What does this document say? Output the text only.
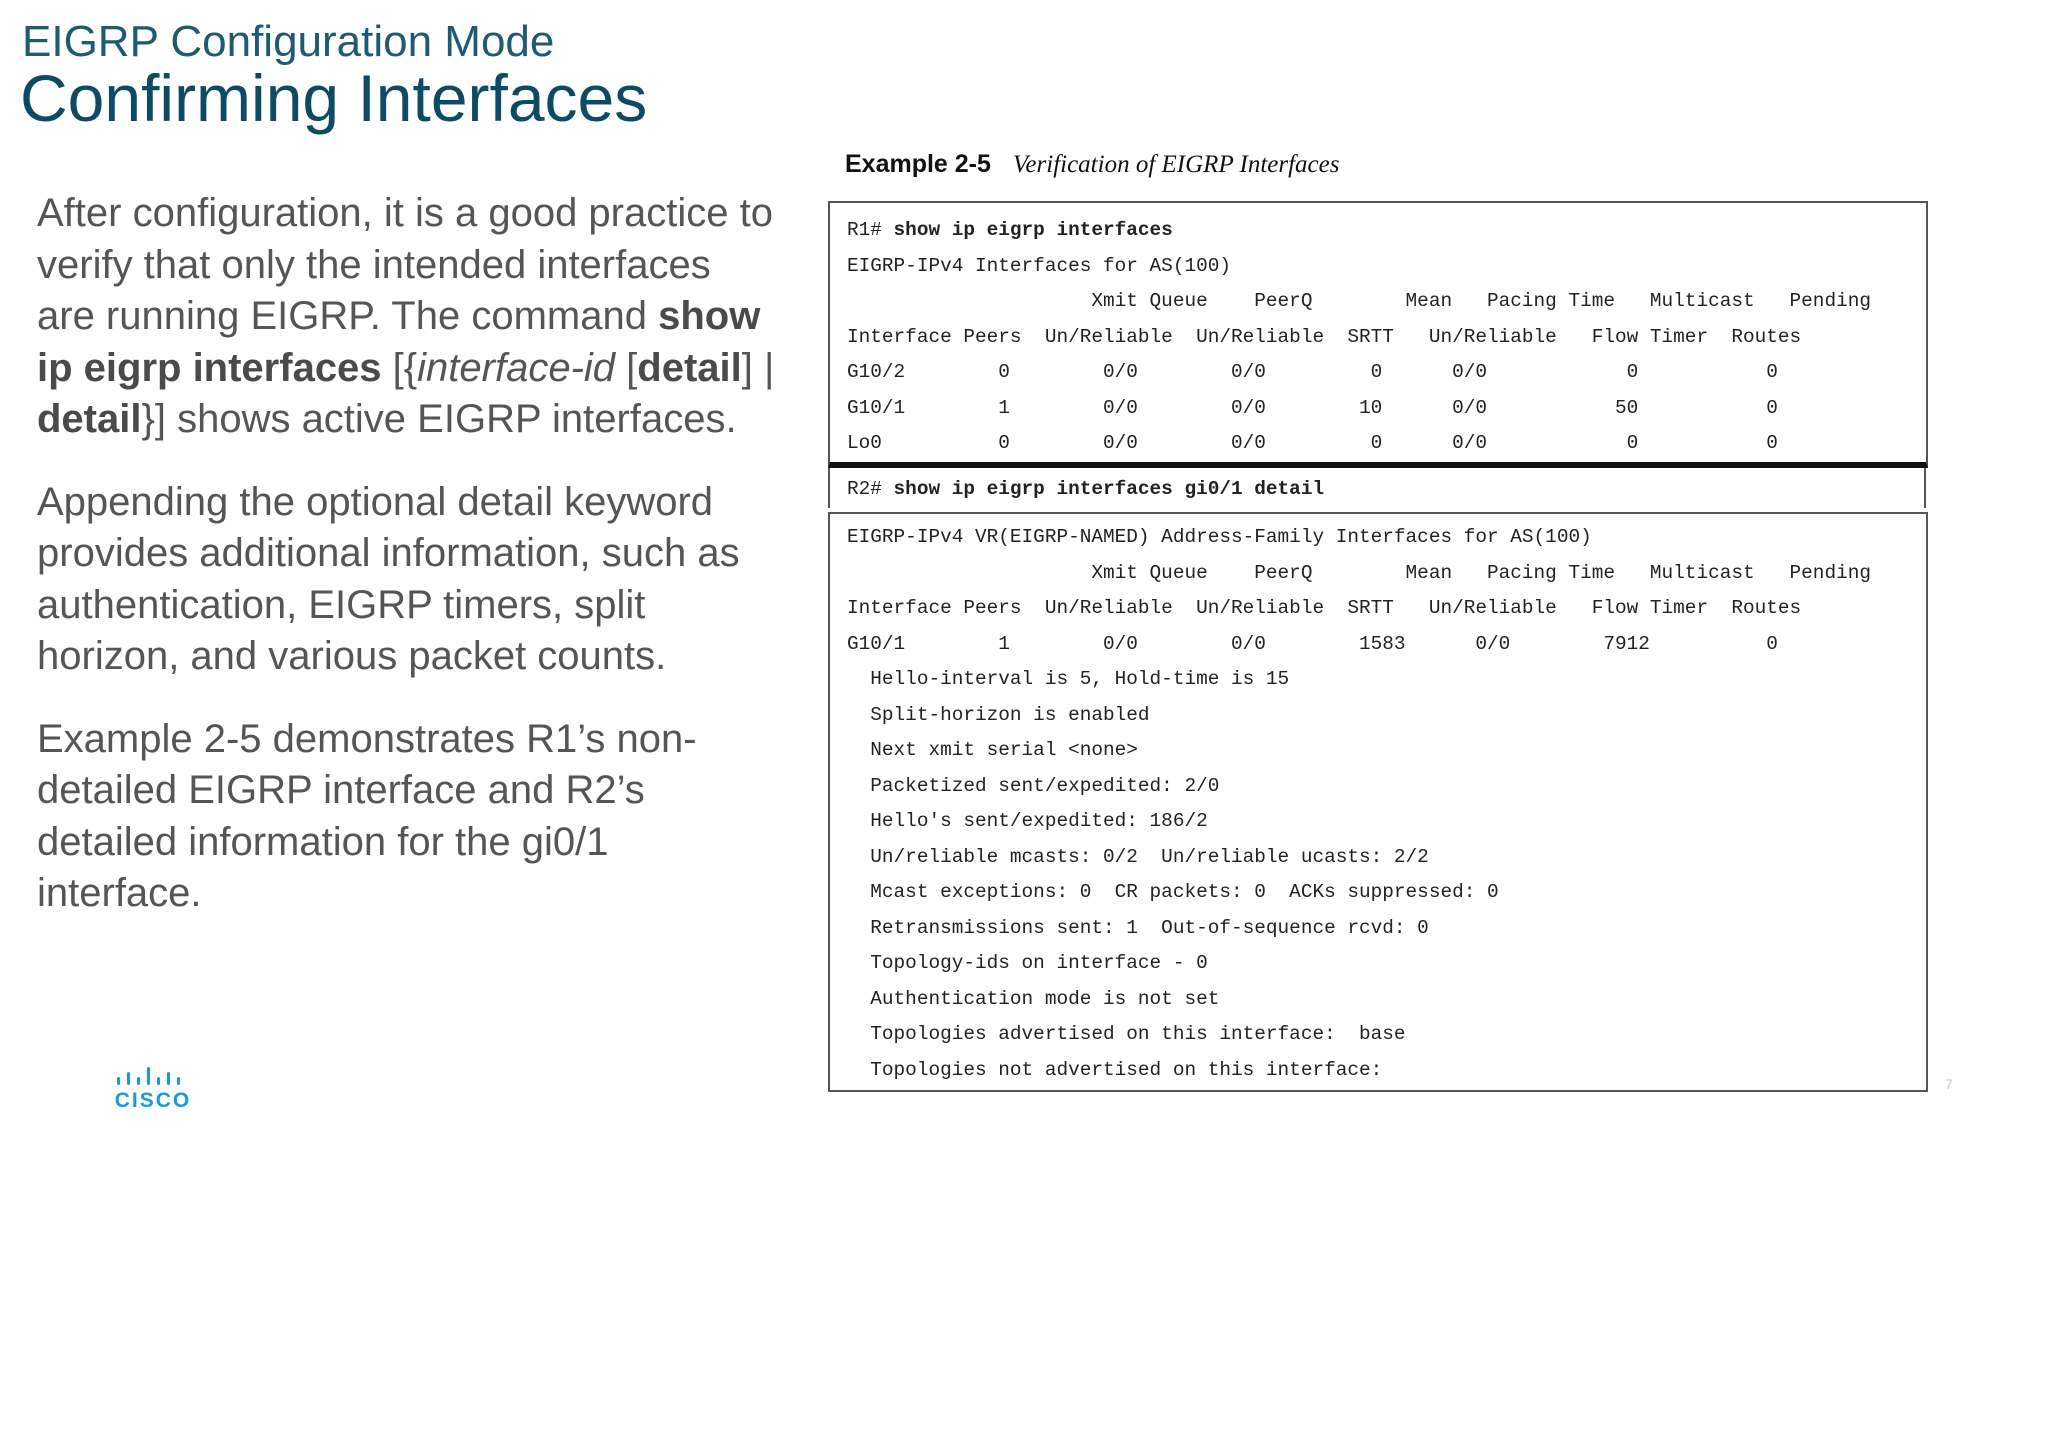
EIGRP Configuration Mode
Confirming Interfaces

After configuration, it is a good practice to verify that only the intended interfaces are running EIGRP. The command show ip eigrp interfaces [{interface-id [detail] | detail}] shows active EIGRP interfaces.

Appending the optional detail keyword provides additional information, such as authentication, EIGRP timers, split horizon, and various packet counts.

Example 2-5 demonstrates R1’s non-detailed EIGRP interface and R2’s detailed information for the gi0/1 interface.

CISCO
Example 2-5 Verification of EIGRP Interfaces

R1# show ip eigrp interfaces

EIGRP-IPv4 Interfaces for AS(100)

Xmit Queue    PeerQ        Mean   Pacing Time   Multicast   Pending

Interface Peers  Un/Reliable  Un/Reliable  SRTT   Un/Reliable   Flow Timer  Routes

G10/2        0        0/0        0/0         0      0/0            0           0

G10/1        1        0/0        0/0        10      0/0           50           0

Lo0          0        0/0        0/0         0      0/0            0           0

R2# show ip eigrp interfaces gi0/1 detail

EIGRP-IPv4 VR(EIGRP-NAMED) Address-Family Interfaces for AS(100)

Xmit Queue    PeerQ        Mean   Pacing Time   Multicast   Pending

Interface Peers  Un/Reliable  Un/Reliable  SRTT   Un/Reliable   Flow Timer  Routes

G10/1        1        0/0        0/0        1583      0/0        7912          0

Hello-interval is 5, Hold-time is 15

Split-horizon is enabled

Next xmit serial <none>

Packetized sent/expedited: 2/0

Hello's sent/expedited: 186/2

Un/reliable mcasts: 0/2  Un/reliable ucasts: 2/2

Mcast exceptions: 0  CR packets: 0  ACKs suppressed: 0

Retransmissions sent: 1  Out-of-sequence rcvd: 0

Topology-ids on interface - 0

Authentication mode is not set

Topologies advertised on this interface:  base

Topologies not advertised on this interface:

7
